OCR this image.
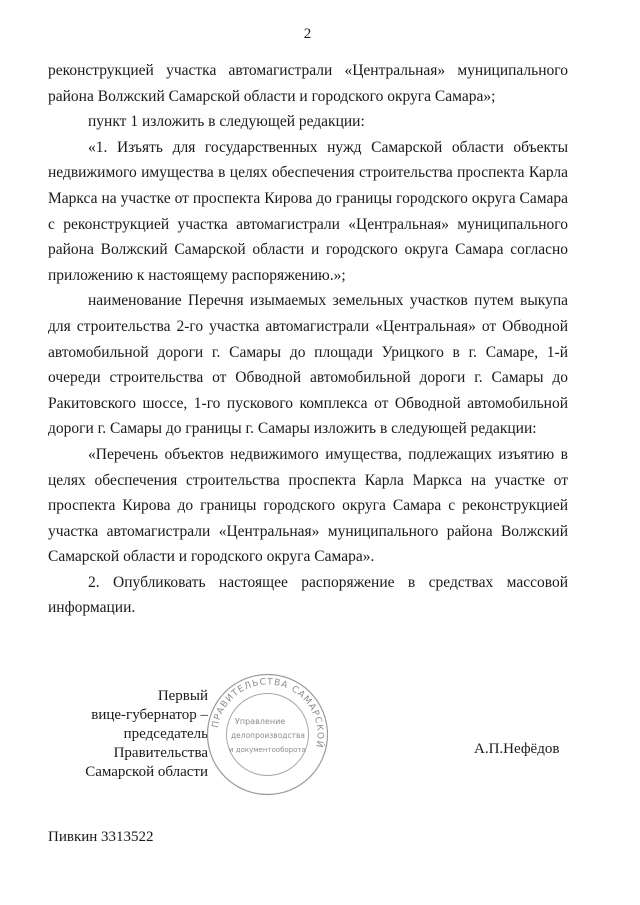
2

реконструкцией участка автомагистрали «Центральная» муниципального района Волжский Самарской области и городского округа Самара»;

пункт 1 изложить в следующей редакции:

«1. Изъять для государственных нужд Самарской области объекты недвижимого имущества в целях обеспечения строительства проспекта Карла Маркса на участке от проспекта Кирова до границы городского округа Самара с реконструкцией участка автомагистрали «Центральная» муниципального района Волжский Самарской области и городского округа Самара согласно приложению к настоящему распоряжению.»;

наименование Перечня изымаемых земельных участков путем выкупа для строительства 2-го участка автомагистрали «Центральная» от Обводной автомобильной дороги г. Самары до площади Урицкого в г. Самаре, 1-й очереди строительства от Обводной автомобильной дороги г. Самары до Ракитовского шоссе, 1-го пускового комплекса от Обводной автомобильной дороги г. Самары до границы г. Самары изложить в следующей редакции:

«Перечень объектов недвижимого имущества, подлежащих изъятию в целях обеспечения строительства проспекта Карла Маркса на участке от проспекта Кирова до границы городского округа Самара с реконструкцией участка автомагистрали «Центральная» муниципального района Волжский Самарской области и городского округа Самара».

2. Опубликовать настоящее распоряжение в средствах массовой информации.

Первый
вице-губернатор –
председатель Правительства
Самарской области
ПРАВИТЕЛЬСТВА САМАРСКОЙ
Управление
делопроизводства
и документооборота	А.П.Нефёдов
Пивкин 3313522
